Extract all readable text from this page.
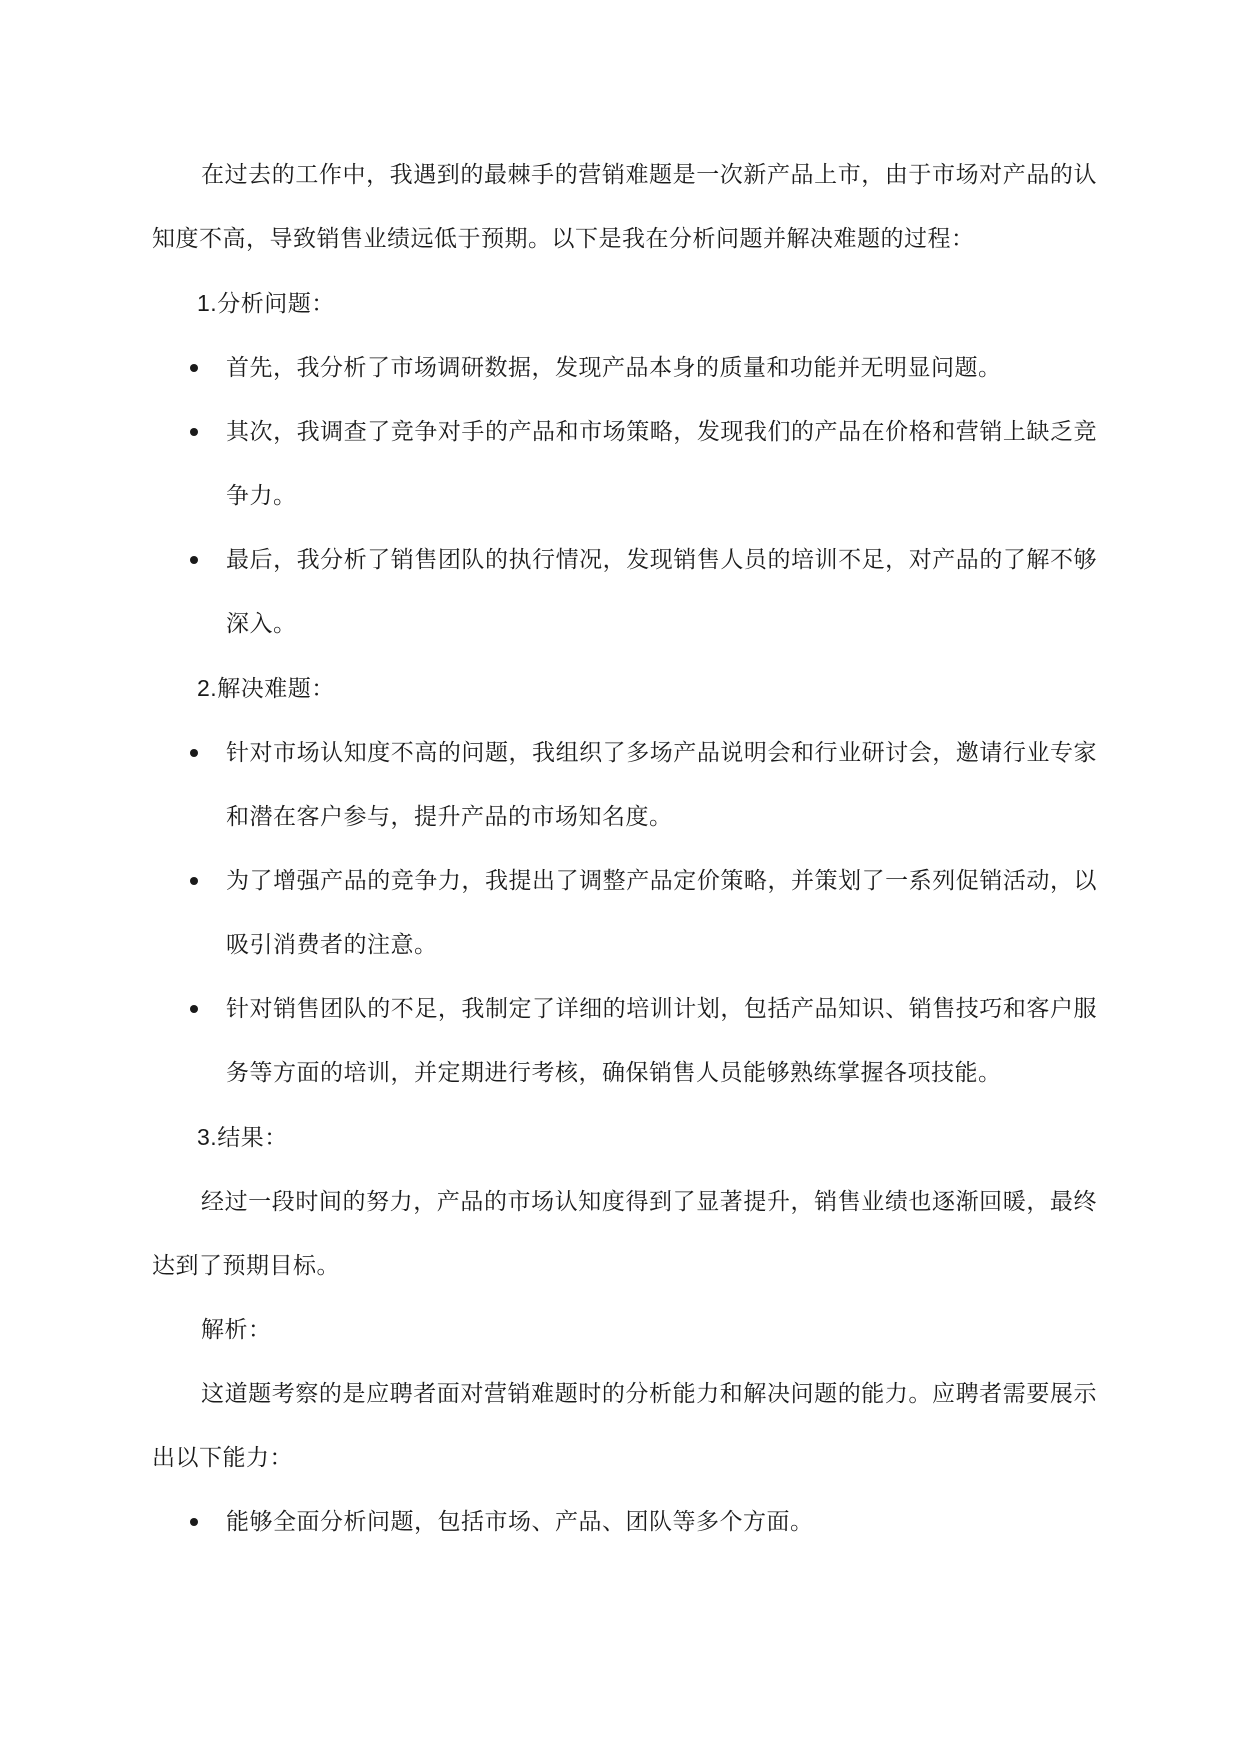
在过去的工作中，我遇到的最棘手的营销难题是一次新产品上市，由于市场对产品的认知度不高，导致销售业绩远低于预期。以下是我在分析问题并解决难题的过程：

1.分析问题：

首先，我分析了市场调研数据，发现产品本身的质量和功能并无明显问题。
其次，我调查了竞争对手的产品和市场策略，发现我们的产品在价格和营销上缺乏竞争力。
最后，我分析了销售团队的执行情况，发现销售人员的培训不足，对产品的了解不够深入。

2.解决难题：

针对市场认知度不高的问题，我组织了多场产品说明会和行业研讨会，邀请行业专家和潜在客户参与，提升产品的市场知名度。
为了增强产品的竞争力，我提出了调整产品定价策略，并策划了一系列促销活动，以吸引消费者的注意。
针对销售团队的不足，我制定了详细的培训计划，包括产品知识、销售技巧和客户服务等方面的培训，并定期进行考核，确保销售人员能够熟练掌握各项技能。

3.结果：

经过一段时间的努力，产品的市场认知度得到了显著提升，销售业绩也逐渐回暖，最终达到了预期目标。

解析：

这道题考察的是应聘者面对营销难题时的分析能力和解决问题的能力。应聘者需要展示出以下能力：

能够全面分析问题，包括市场、产品、团队等多个方面。
